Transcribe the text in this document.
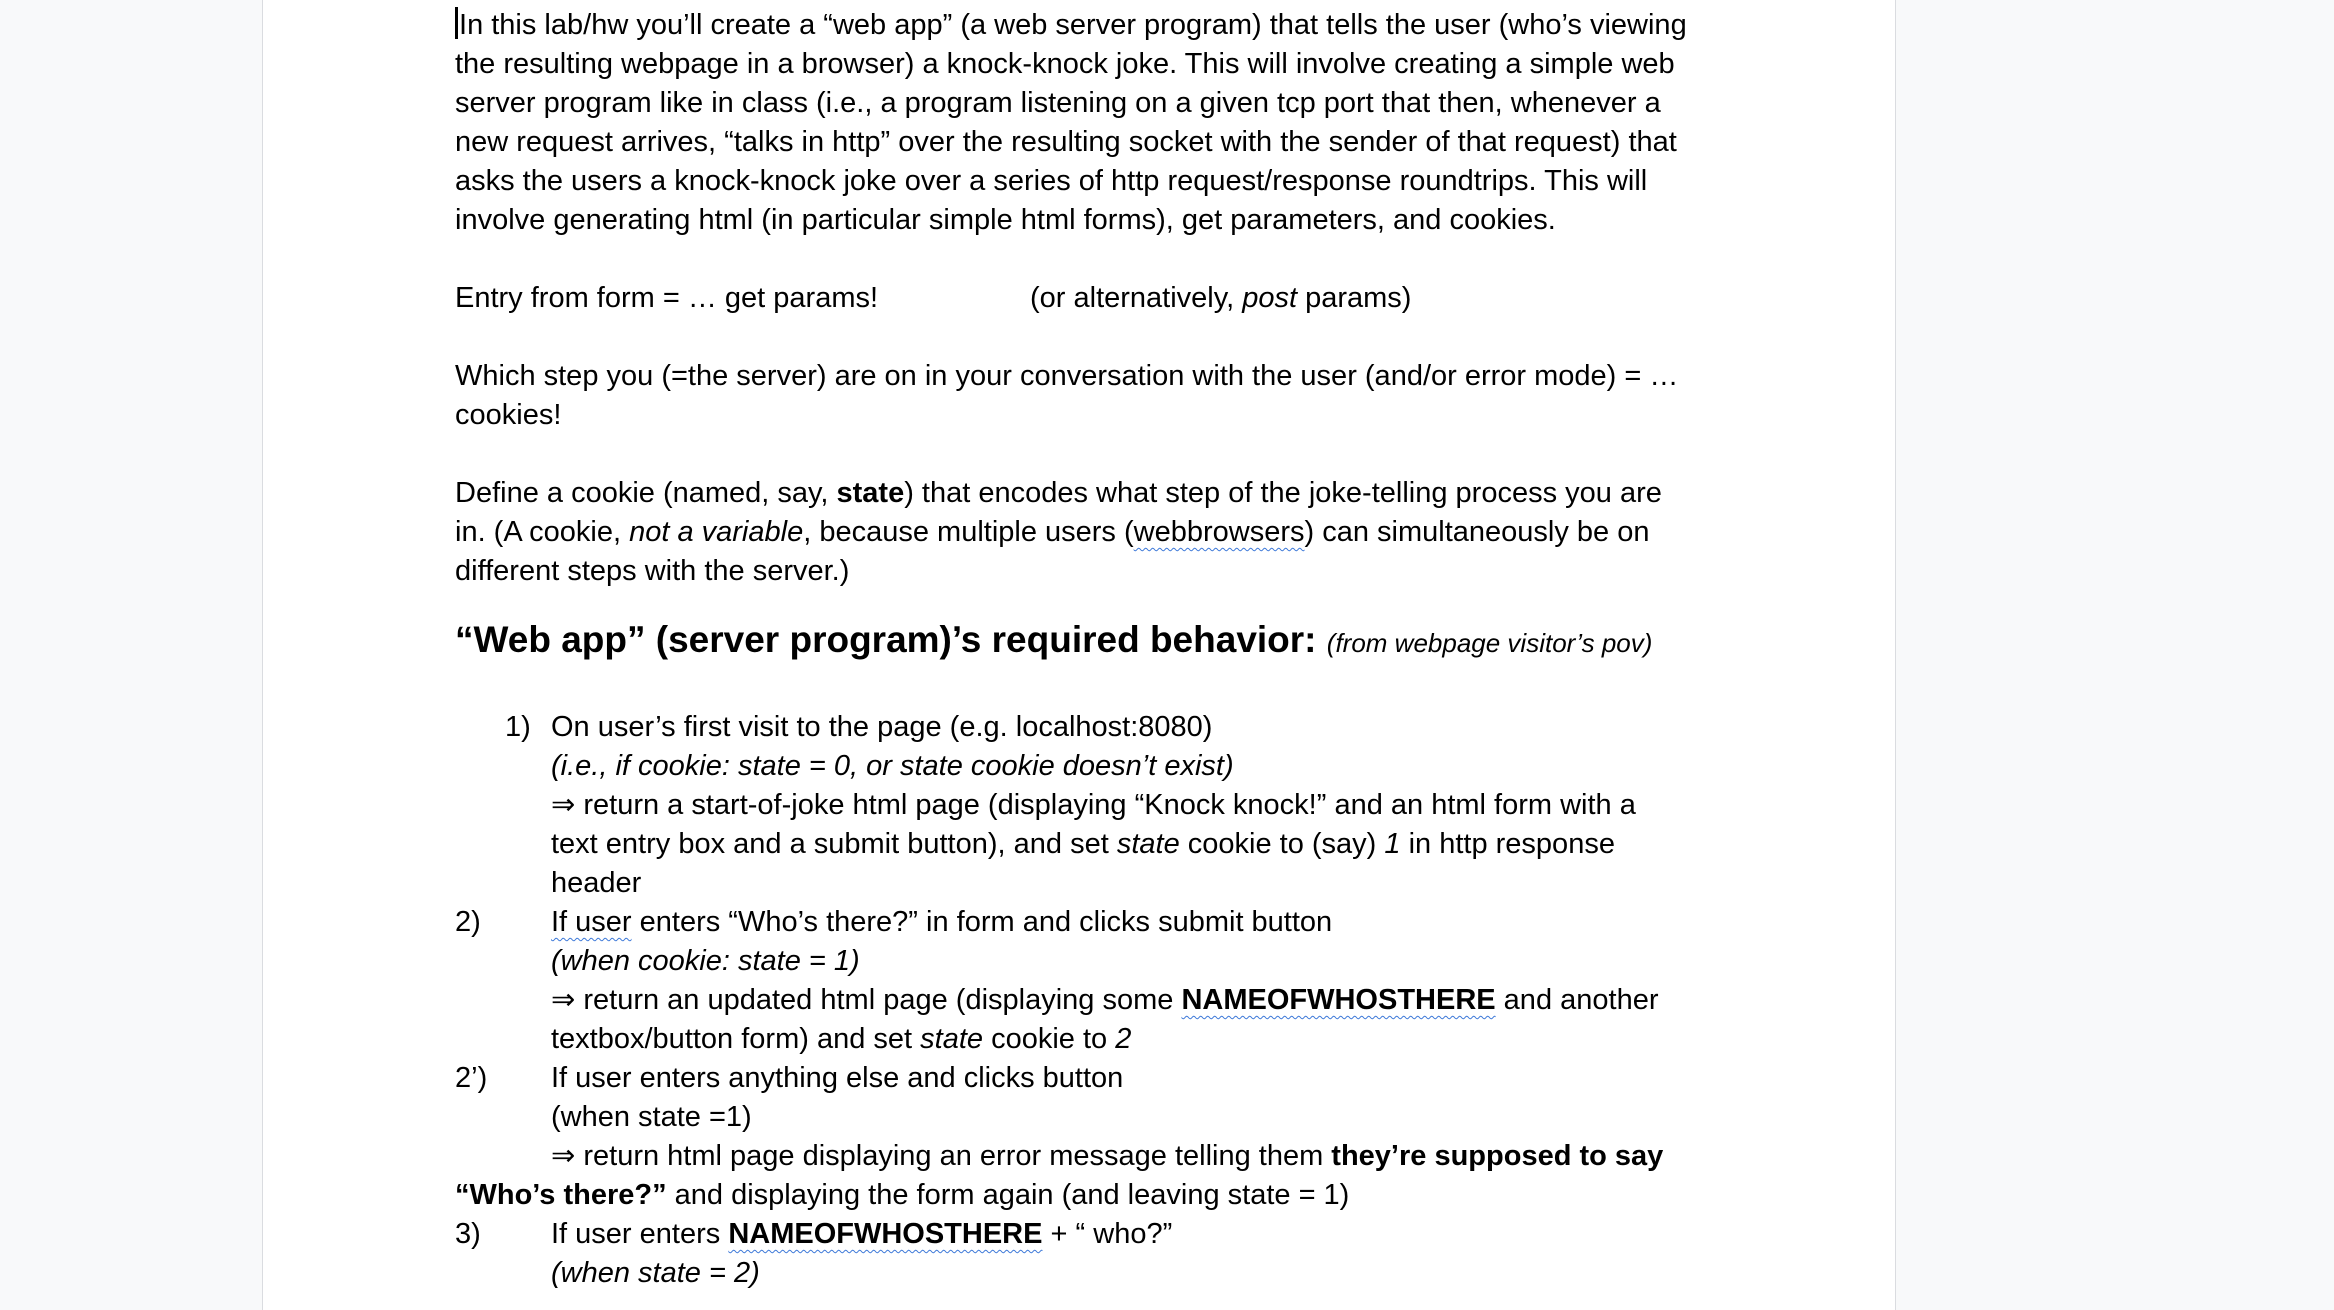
In this lab/hw you’ll create a “web app” (a web server program) that tells the user (who’s viewing
the resulting webpage in a browser) a knock-knock joke. This will involve creating a simple web
server program like in class (i.e., a program listening on a given tcp port that then, whenever a
new request arrives, “talks in http” over the resulting socket with the sender of that request) that
asks the users a knock-knock joke over a series of http request/response roundtrips. This will
involve generating html (in particular simple html forms), get parameters, and cookies.
Entry from form = … get params!	(or alternatively, post params)
Which step you (=the server) are on in your conversation with the user (and/or error mode) = …
cookies!
Define a cookie (named, say, state) that encodes what step of the joke-telling process you are
in. (A cookie, not a variable, because multiple users (webbrowsers) can simultaneously be on
different steps with the server.)
“Web app” (server program)’s required behavior: (from webpage visitor’s pov)
1) On user’s first visit to the page (e.g. localhost:8080)
(i.e., if cookie: state = 0, or state cookie doesn’t exist)
⇒ return a start-of-joke html page (displaying “Knock knock!” and an html form with a
text entry box and a submit button), and set state cookie to (say) 1 in http response
header
2) If user enters “Who’s there?” in form and clicks submit button
(when cookie: state = 1)
⇒ return an updated html page (displaying some NAMEOFWHOSTHERE and another
textbox/button form) and set state cookie to 2
2’) If user enters anything else and clicks button
(when state =1)
⇒ return html page displaying an error message telling them they’re supposed to say
“Who’s there?” and displaying the form again (and leaving state = 1)
3) If user enters NAMEOFWHOSTHERE + “ who?”
(when state = 2)
